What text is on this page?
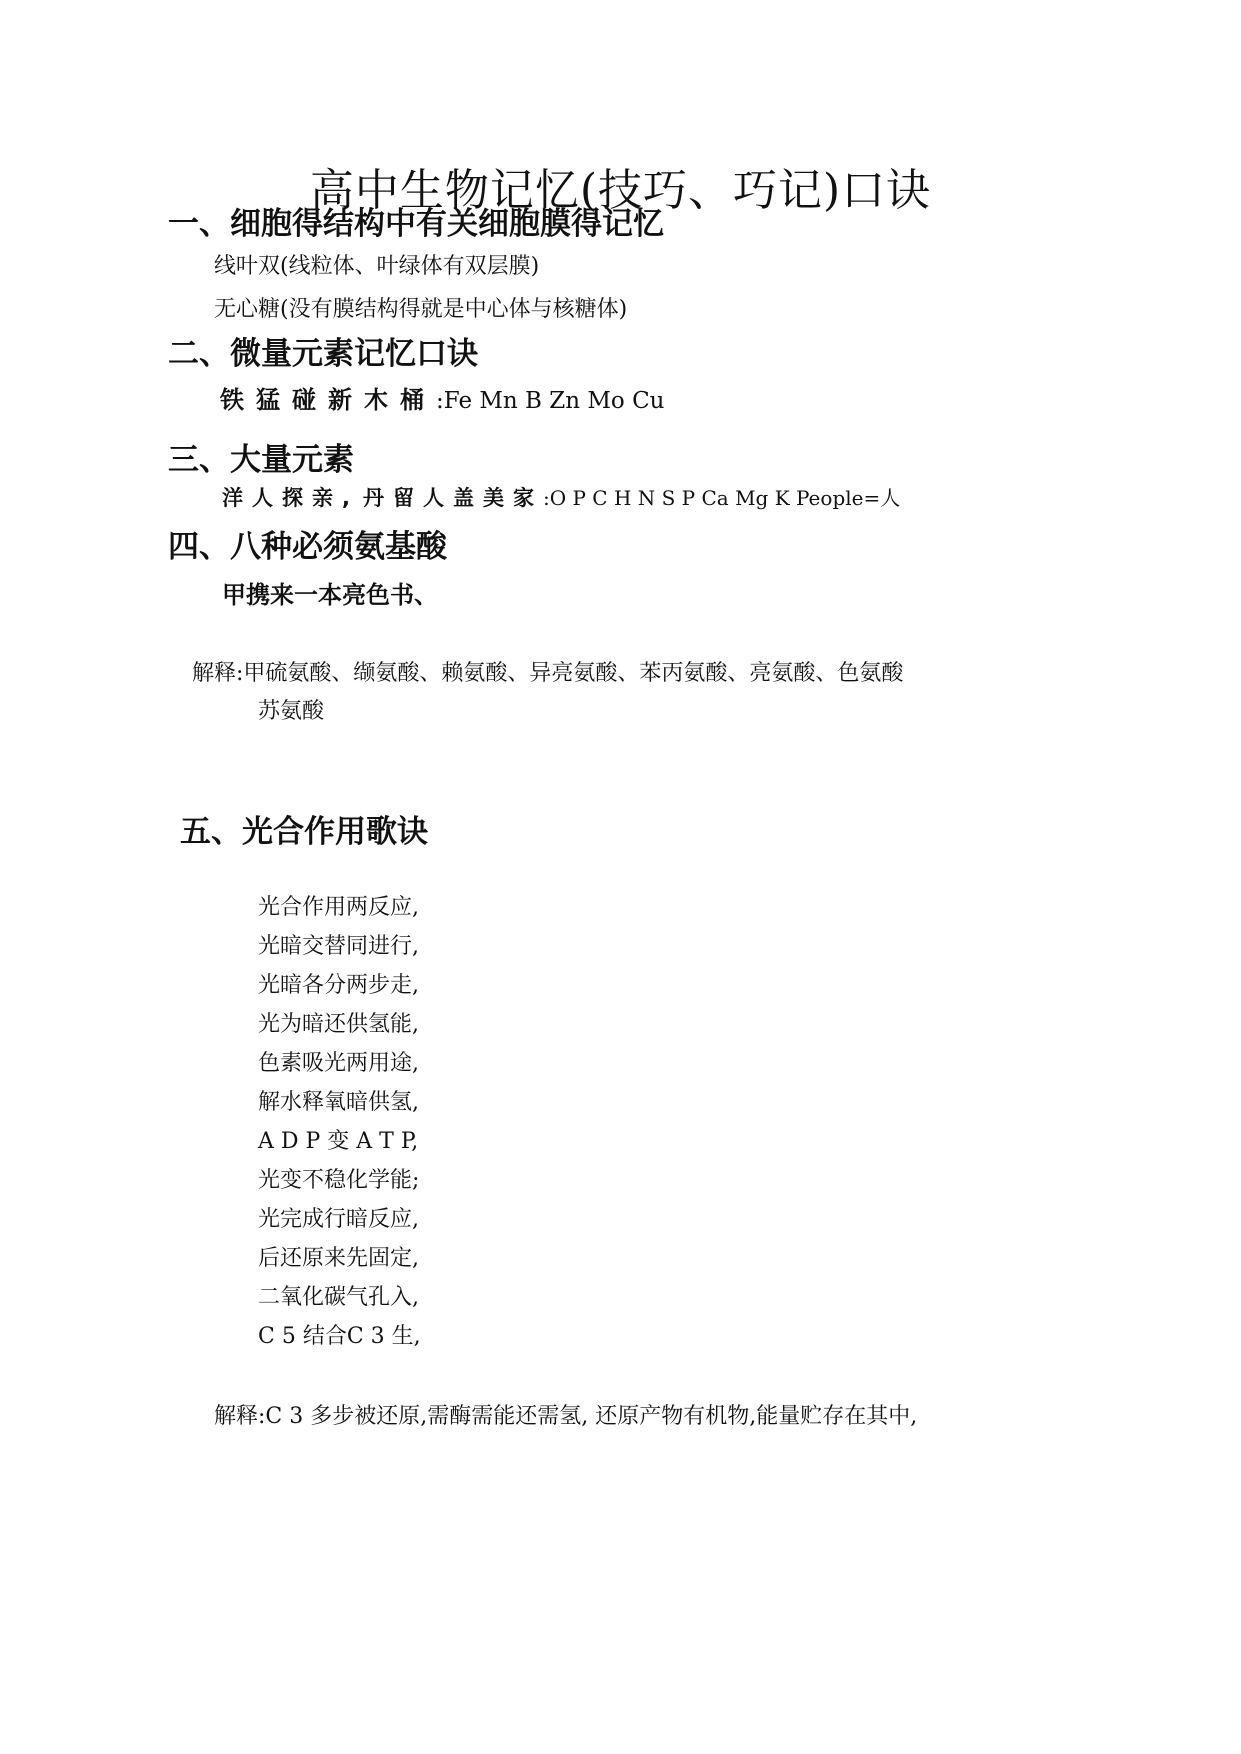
高中生物记忆(技巧、巧记)口诀
一、细胞得结构中有关细胞膜得记忆
线叶双(线粒体、叶绿体有双层膜)
无心糖(没有膜结构得就是中心体与核糖体)
二、微量元素记忆口诀
铁猛碰新木桶 :Fe Mn B Zn Mo Cu
三、大量元素
洋人探亲, 丹留人盖美家 :O P C H N S P Ca Mg K People=人
四、八种必须氨基酸
甲携来一本亮色书、
解释:甲硫氨酸、缬氨酸、赖氨酸、异亮氨酸、苯丙氨酸、亮氨酸、色氨酸
苏氨酸
五、光合作用歌诀
光合作用两反应,
光暗交替同进行,
光暗各分两步走,
光为暗还供氢能,
色素吸光两用途,
解水释氧暗供氢,
A D P 变 A T P,
光变不稳化学能;
光完成行暗反应,
后还原来先固定,
二氧化碳气孔入,
C 5 结合C 3 生,
解释:C 3 多步被还原,需酶需能还需氢, 还原产物有机物,能量贮存在其中,
